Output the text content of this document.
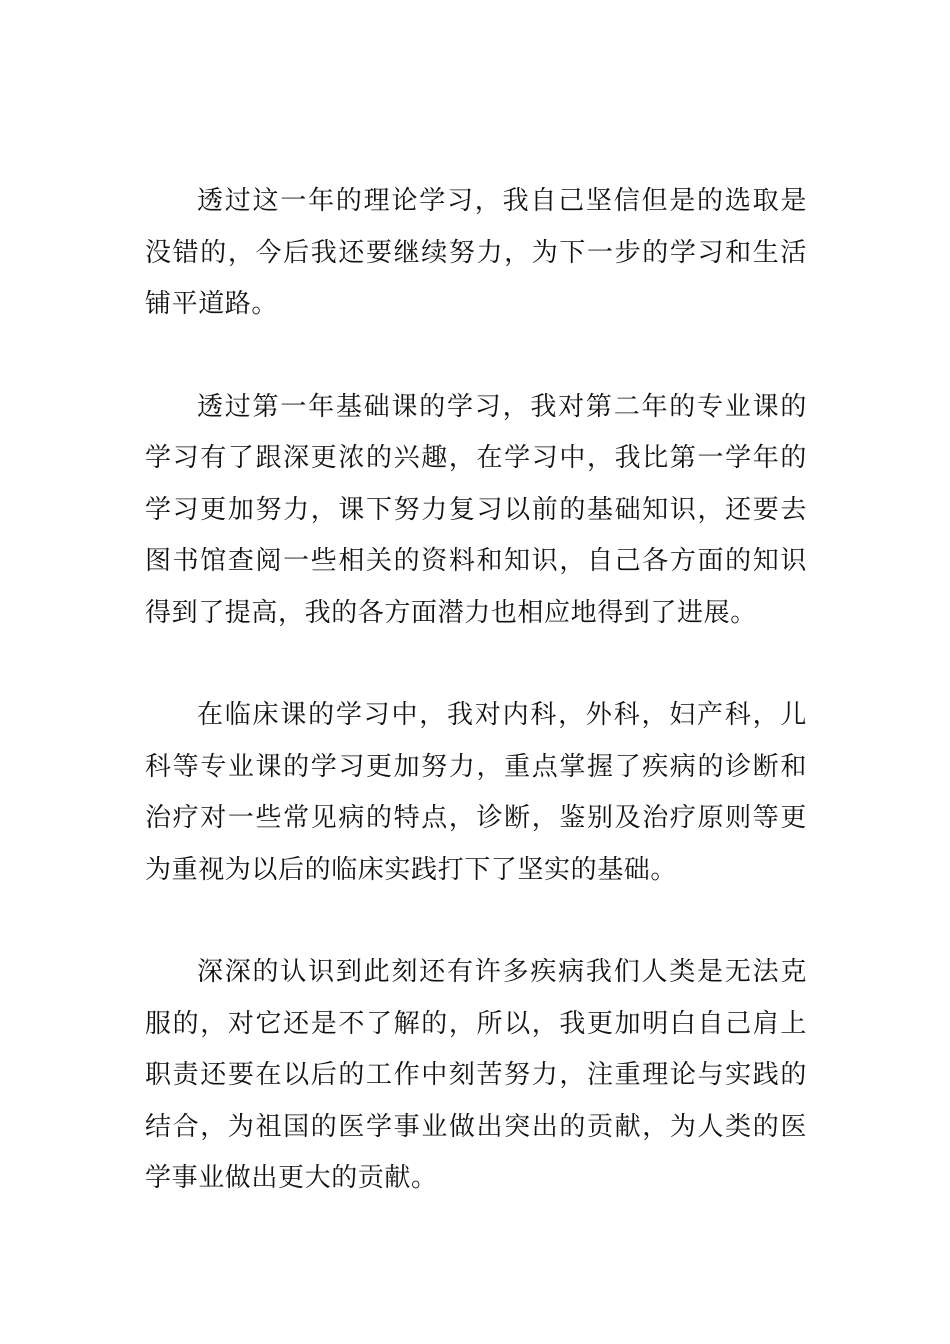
透过这一年的理论学习，我自己坚信但是的选取是没错的，今后我还要继续努力，为下一步的学习和生活铺平道路。

透过第一年基础课的学习，我对第二年的专业课的学习有了跟深更浓的兴趣，在学习中，我比第一学年的学习更加努力，课下努力复习以前的基础知识，还要去图书馆查阅一些相关的资料和知识，自己各方面的知识得到了提高，我的各方面潜力也相应地得到了进展。

在临床课的学习中，我对内科，外科，妇产科，儿科等专业课的学习更加努力，重点掌握了疾病的诊断和治疗对一些常见病的特点，诊断，鉴别及治疗原则等更为重视为以后的临床实践打下了坚实的基础。

深深的认识到此刻还有许多疾病我们人类是无法克服的，对它还是不了解的，所以，我更加明白自己肩上职责还要在以后的工作中刻苦努力，注重理论与实践的结合，为祖国的医学事业做出突出的贡献，为人类的医学事业做出更大的贡献。
